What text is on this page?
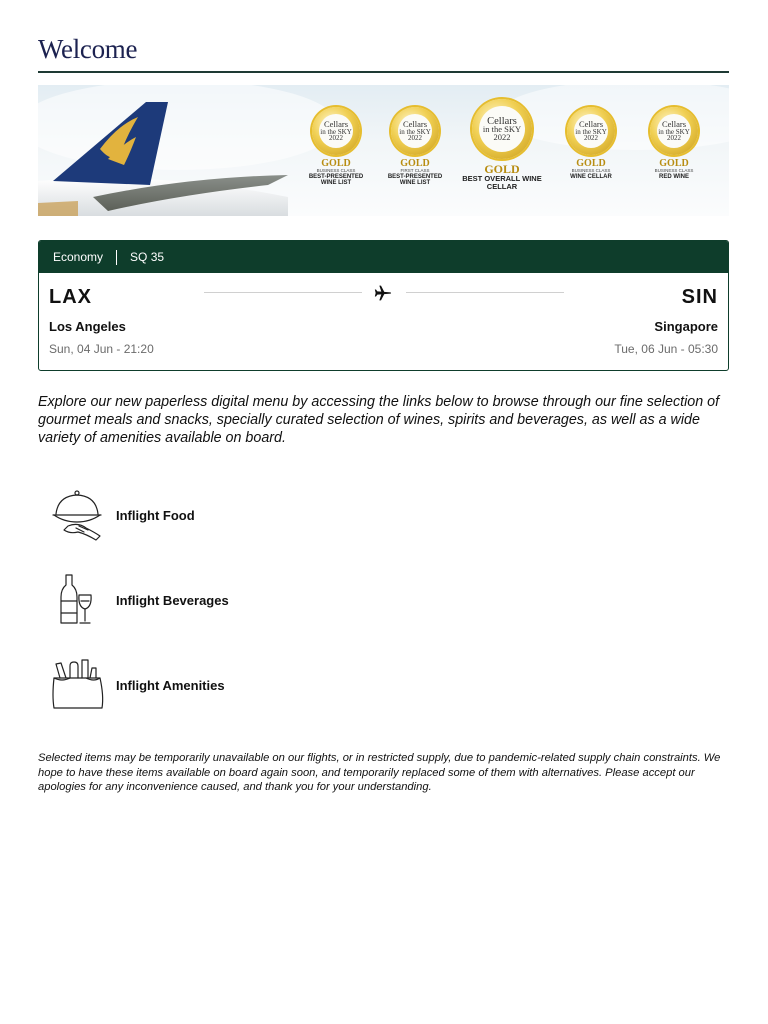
Welcome
Cellars
in the SKY
2022
GOLD
BUSINESS CLASS
BEST-PRESENTED WINE LIST
Cellars
in the SKY
2022
GOLD
FIRST CLASS
BEST-PRESENTED WINE LIST
Cellars
in the SKY
2022
GOLD
BEST OVERALL WINE CELLAR
Cellars
in the SKY
2022
GOLD
BUSINESS CLASS
WINE CELLAR
Cellars
in the SKY
2022
GOLD
BUSINESS CLASS
RED WINE
Economy SQ 35
LAX	SIN
Los Angeles	Singapore
Sun, 04 Jun - 21:20	Tue, 06 Jun - 05:30

Explore our new paperless digital menu by accessing the links below to browse through our fine selection of gourmet meals and snacks, specially curated selection of wines, spirits and beverages, as well as a wide variety of amenities available on board.

Inflight Food
Inflight Beverages
Inflight Amenities

Selected items may be temporarily unavailable on our flights, or in restricted supply, due to pandemic-related supply chain constraints. We hope to have these items available on board again soon, and temporarily replaced some of them with alternatives. Please accept our apologies for any inconvenience caused, and thank you for your understanding.
